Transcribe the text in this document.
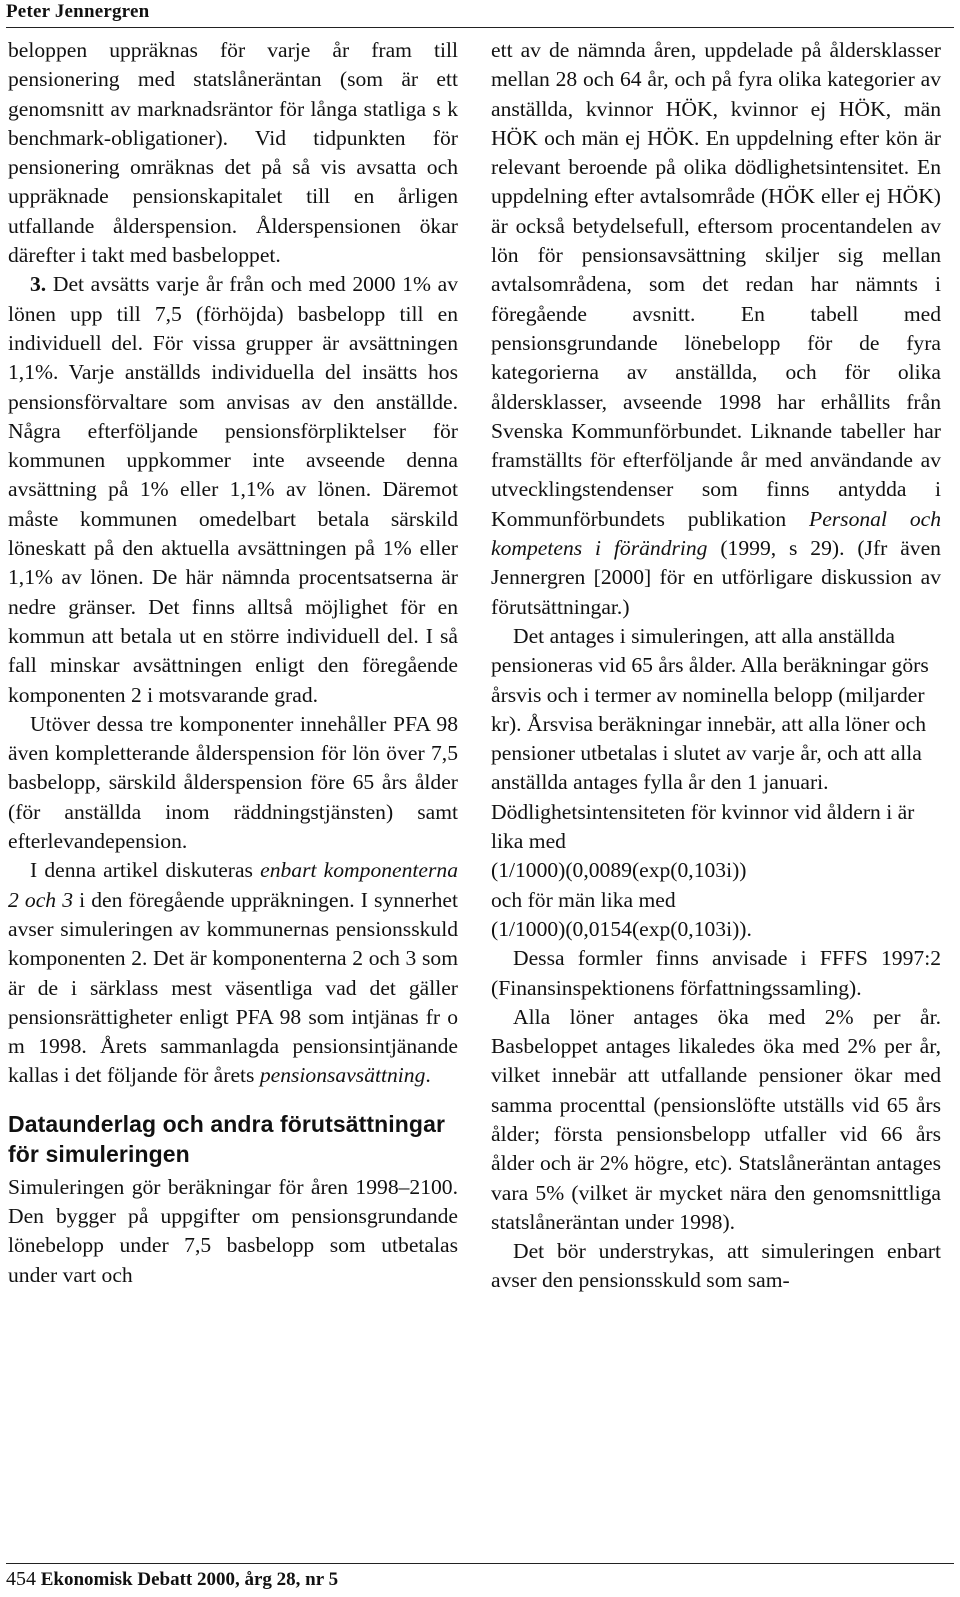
Peter Jennergren

beloppen uppräknas för varje år fram till pensionering med statslåneräntan (som är ett genomsnitt av marknadsräntor för långa statliga s k benchmark-obligationer). Vid tidpunkten för pensionering omräknas det på så vis avsatta och uppräknade pensionskapitalet till en årligen utfallande ålderspension. Ålderspensionen ökar därefter i takt med basbeloppet.

3. Det avsätts varje år från och med 2000 1% av lönen upp till 7,5 (förhöjda) basbelopp till en individuell del. För vissa grupper är avsättningen 1,1%. Varje anställds individuella del insätts hos pensionsförvaltare som anvisas av den anställde. Några efterföljande pensionsförpliktelser för kommunen uppkommer inte avseende denna avsättning på 1% eller 1,1% av lönen. Däremot måste kommunen omedelbart betala särskild löneskatt på den aktuella avsättningen på 1% eller 1,1% av lönen. De här nämnda procentsatserna är nedre gränser. Det finns alltså möjlighet för en kommun att betala ut en större individuell del. I så fall minskar avsättningen enligt den föregående komponenten 2 i motsvarande grad.

Utöver dessa tre komponenter innehåller PFA 98 även kompletterande ålderspension för lön över 7,5 basbelopp, särskild ålderspension före 65 års ålder (för anställda inom räddningstjänsten) samt efterlevandepension.

I denna artikel diskuteras enbart komponenterna 2 och 3 i den föregående uppräkningen. I synnerhet avser simuleringen av kommunernas pensionsskuld komponenten 2. Det är komponenterna 2 och 3 som är de i särklass mest väsentliga vad det gäller pensionsrättigheter enligt PFA 98 som intjänas fr o m 1998. Årets sammanlagda pensionsintjänande kallas i det följande för årets pensionsavsättning.

Dataunderlag och andra förutsättningar för simuleringen

Simuleringen gör beräkningar för åren 1998–2100. Den bygger på uppgifter om pensionsgrundande lönebelopp under 7,5 basbelopp som utbetalas under vart och

ett av de nämnda åren, uppdelade på åldersklasser mellan 28 och 64 år, och på fyra olika kategorier av anställda, kvinnor HÖK, kvinnor ej HÖK, män HÖK och män ej HÖK. En uppdelning efter kön är relevant beroende på olika dödlighetsintensitet. En uppdelning efter avtalsområde (HÖK eller ej HÖK) är också betydelsefull, eftersom procentandelen av lön för pensionsavsättning skiljer sig mellan avtalsområdena, som det redan har nämnts i föregående avsnitt. En tabell med pensionsgrundande lönebelopp för de fyra kategorierna av anställda, och för olika åldersklasser, avseende 1998 har erhållits från Svenska Kommunförbundet. Liknande tabeller har framställts för efterföljande år med användande av utvecklingstendenser som finns antydda i Kommunförbundets publikation Personal och kompetens i förändring (1999, s 29). (Jfr även Jennergren [2000] för en utförligare diskussion av förutsättningar.)

Det antages i simuleringen, att alla anställda pensioneras vid 65 års ålder. Alla beräkningar görs årsvis och i termer av nominella belopp (miljarder kr). Årsvisa beräkningar innebär, att alla löner och pensioner utbetalas i slutet av varje år, och att alla anställda antages fylla år den 1 januari. Dödlighetsintensiteten för kvinnor vid åldern i är lika med

(1/1000)(0,0089(exp(0,103i))

och för män lika med

(1/1000)(0,0154(exp(0,103i)).

Dessa formler finns anvisade i FFFS 1997:2 (Finansinspektionens författningssamling).

Alla löner antages öka med 2% per år. Basbeloppet antages likaledes öka med 2% per år, vilket innebär att utfallande pensioner ökar med samma procenttal (pensionslöfte utställs vid 65 års ålder; första pensionsbelopp utfaller vid 66 års ålder och är 2% högre, etc). Statslåneräntan antages vara 5% (vilket är mycket nära den genomsnittliga statslåneräntan under 1998).

Det bör understrykas, att simuleringen enbart avser den pensionsskuld som sam-

454 Ekonomisk Debatt 2000, årg 28, nr 5
